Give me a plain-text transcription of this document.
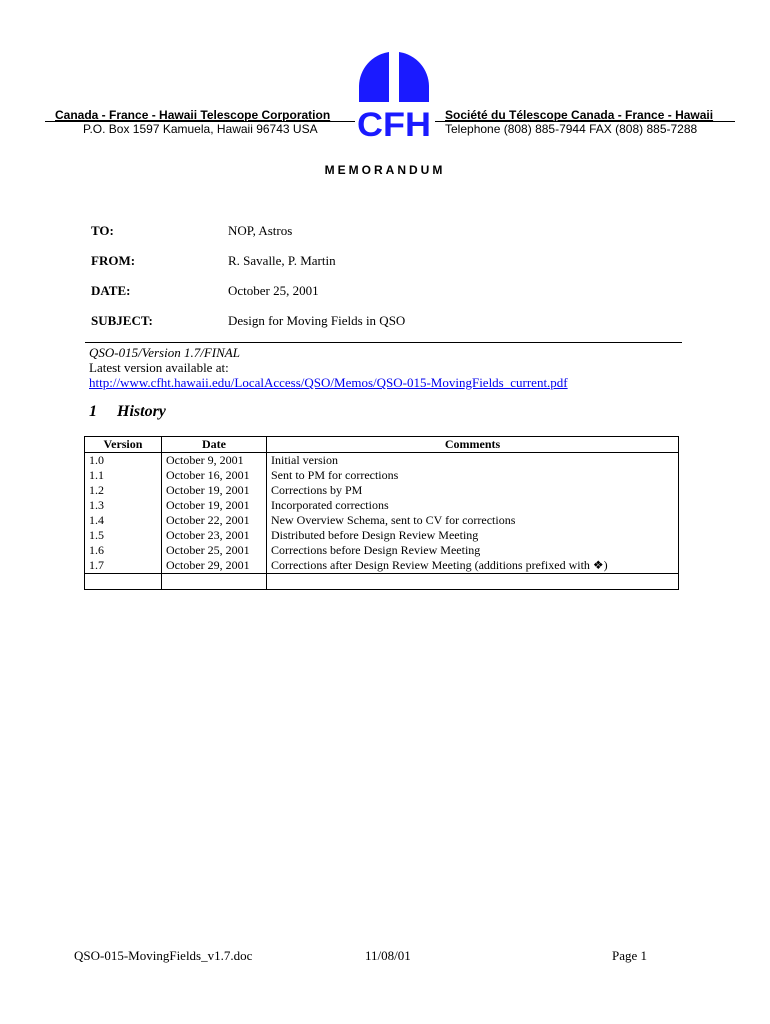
Canada - France - Hawaii Telescope Corporation
P.O. Box 1597 Kamuela, Hawaii 96743 USA CFH Société du Télescope Canada - France - Hawaii
Telephone (808) 885-7944 FAX (808) 885-7288
MEMORANDUM
TO:	NOP, Astros
FROM:	R. Savalle, P. Martin
DATE:	October 25, 2001
SUBJECT:	Design for Moving Fields in QSO
QSO-015/Version 1.7/FINAL
Latest version available at:
http://www.cfht.hawaii.edu/LocalAccess/QSO/Memos/QSO-015-MovingFields_current.pdf
1 History
Version	Date	Comments
1.0	October 9, 2001	Initial version
1.1	October 16, 2001	Sent to PM for corrections
1.2	October 19, 2001	Corrections by PM
1.3	October 19, 2001	Incorporated corrections
1.4	October 22, 2001	New Overview Schema, sent to CV for corrections
1.5	October 23, 2001	Distributed before Design Review Meeting
1.6	October 25, 2001	Corrections before Design Review Meeting
1.7	October 29, 2001	Corrections after Design Review Meeting (additions prefixed with ❖)

QSO-015-MovingFields_v1.7.doc	11/08/01	Page 1
